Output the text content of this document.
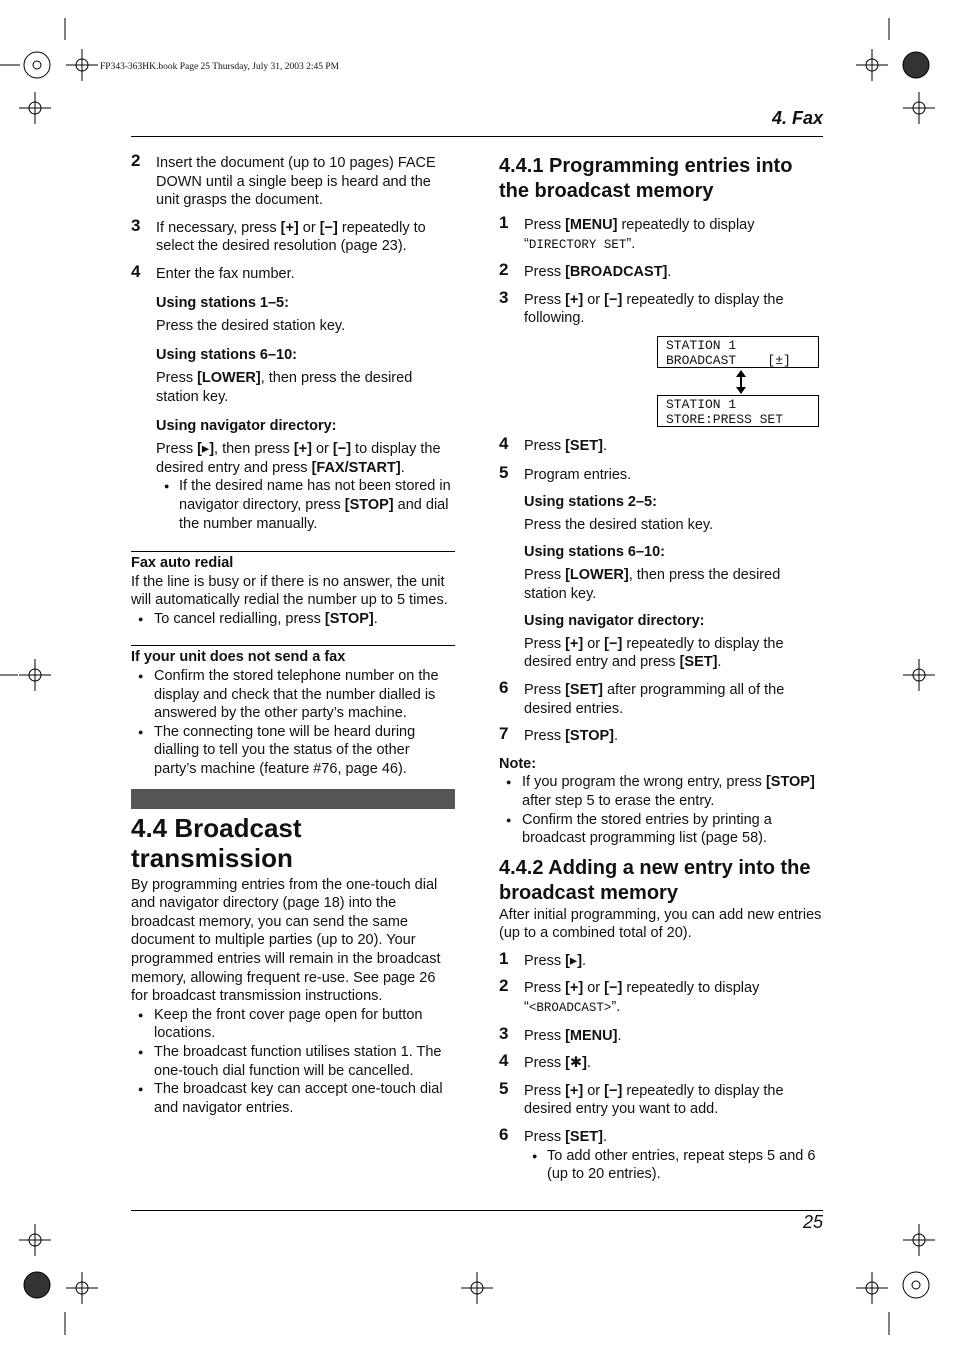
FP343-363HK.book Page 25 Thursday, July 31, 2003 2:45 PM
4. Fax
2 Insert the document (up to 10 pages) FACE DOWN until a single beep is heard and the unit grasps the document.
3 If necessary, press [+] or [−] repeatedly to select the desired resolution (page 23).
4 Enter the fax number.

Using stations 1–5:

Press the desired station key.

Using stations 6–10:

Press [LOWER], then press the desired station key.

Using navigator directory:

Press [▸], then press [+] or [−] to display the desired entry and press [FAX/START].

● If the desired name has not been stored in navigator directory, press [STOP] and dial the number manually.

Fax auto redial

If the line is busy or if there is no answer, the unit will automatically redial the number up to 5 times.

● To cancel redialling, press [STOP].

If your unit does not send a fax

● Confirm the stored telephone number on the display and check that the number dialled is answered by the other party’s machine.
● The connecting tone will be heard during dialling to tell you the status of the other party’s machine (feature #76, page 46).

4.4 Broadcast

transmission

By programming entries from the one-touch dial and navigator directory (page 18) into the broadcast memory, you can send the same document to multiple parties (up to 20). Your programmed entries will remain in the broadcast memory, allowing frequent re-use. See page 26 for broadcast transmission instructions.

● Keep the front cover page open for button locations.
● The broadcast function utilises station 1. The one-touch dial function will be cancelled.
● The broadcast key can accept one-touch dial and navigator entries.

4.4.1 Programming entries into

the broadcast memory

1 Press [MENU] repeatedly to display
“DIRECTORY SET”.
2 Press [BROADCAST].
3 Press [+] or [−] repeatedly to display the following.
STATION 1
BROADCAST    [±]
STATION 1
STORE:PRESS SET
4 Press [SET].
5 Program entries.

Using stations 2–5:

Press the desired station key.

Using stations 6–10:

Press [LOWER], then press the desired station key.

Using navigator directory:

Press [+] or [−] repeatedly to display the desired entry and press [SET].

6 Press [SET] after programming all of the desired entries.
7 Press [STOP].

Note:

● If you program the wrong entry, press [STOP] after step 5 to erase the entry.
● Confirm the stored entries by printing a broadcast programming list (page 58).

4.4.2 Adding a new entry into the

broadcast memory

After initial programming, you can add new entries (up to a combined total of 20).

1 Press [▸].
2 Press [+] or [−] repeatedly to display
“<BROADCAST>”.
3 Press [MENU].
4 Press [✱].
5 Press [+] or [−] repeatedly to display the desired entry you want to add.
6 Press [SET].
● To add other entries, repeat steps 5 and 6 (up to 20 entries).
25
